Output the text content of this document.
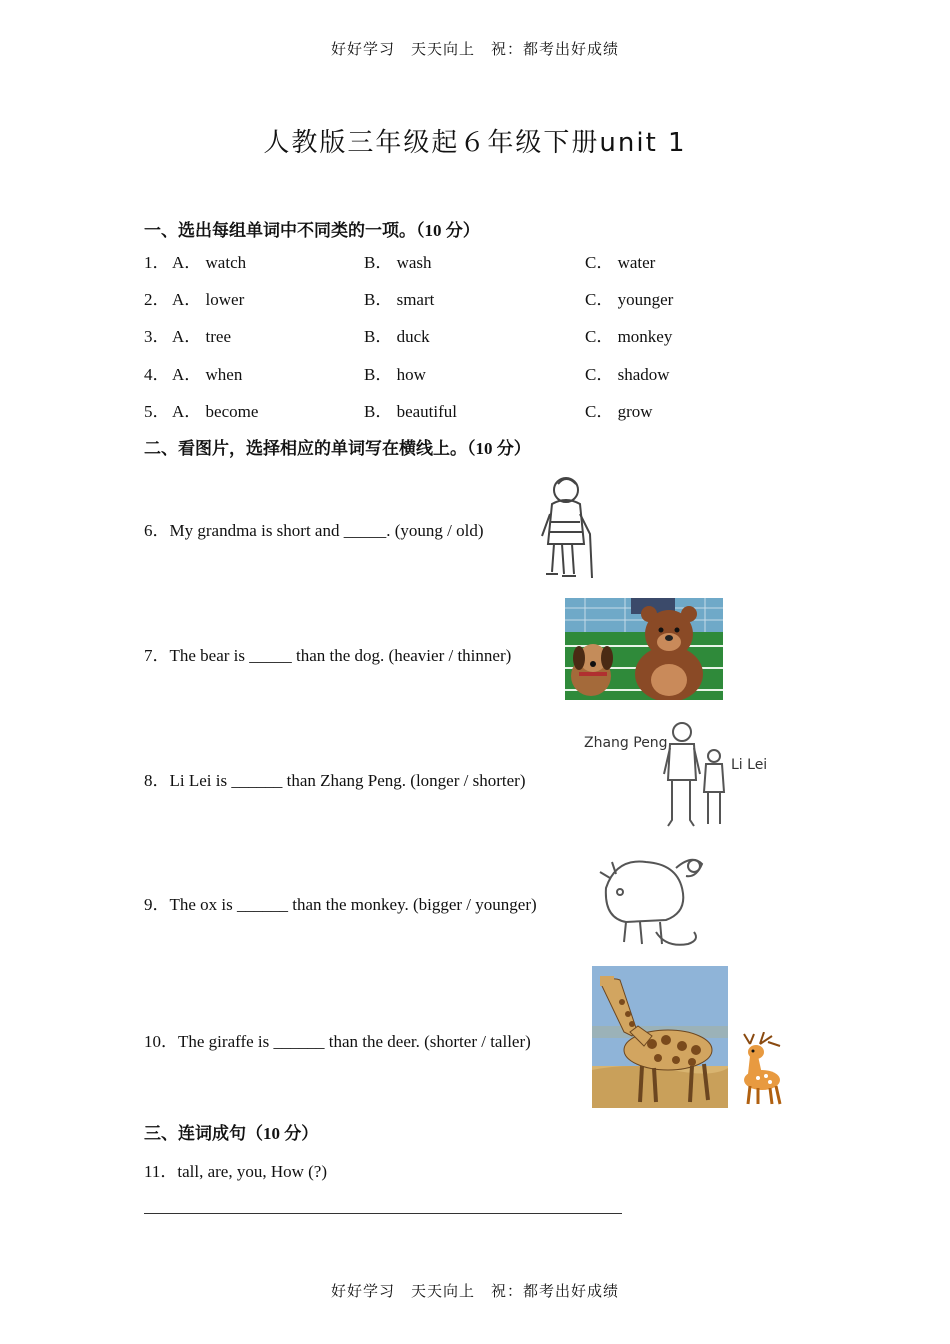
好好学习　天天向上　祝：都考出好成绩
人教版三年级起６年级下册unit 1
一、选出每组单词中不同类的一项。（10 分）
1． A． watch	B． wash	C． water
2． A． lower	B． smart	C． younger
3． A． tree	B． duck	C． monkey
4． A． when	B． how	C． shadow
5． A． become	B． beautiful	C． grow
二、看图片，选择相应的单词写在横线上。（10 分）
6．My grandma is short and _____. (young / old)
7．The bear is _____ than the dog. (heavier / thinner)
8．Li Lei is ______ than Zhang Peng. (longer / shorter)
Zhang Peng
Li Lei
9．The ox is ______ than the monkey. (bigger / younger)
10．The giraffe is ______ than the deer. (shorter / taller)
三、连词成句（10 分）
11．tall, are, you, How (?)
好好学习　天天向上　祝：都考出好成绩
